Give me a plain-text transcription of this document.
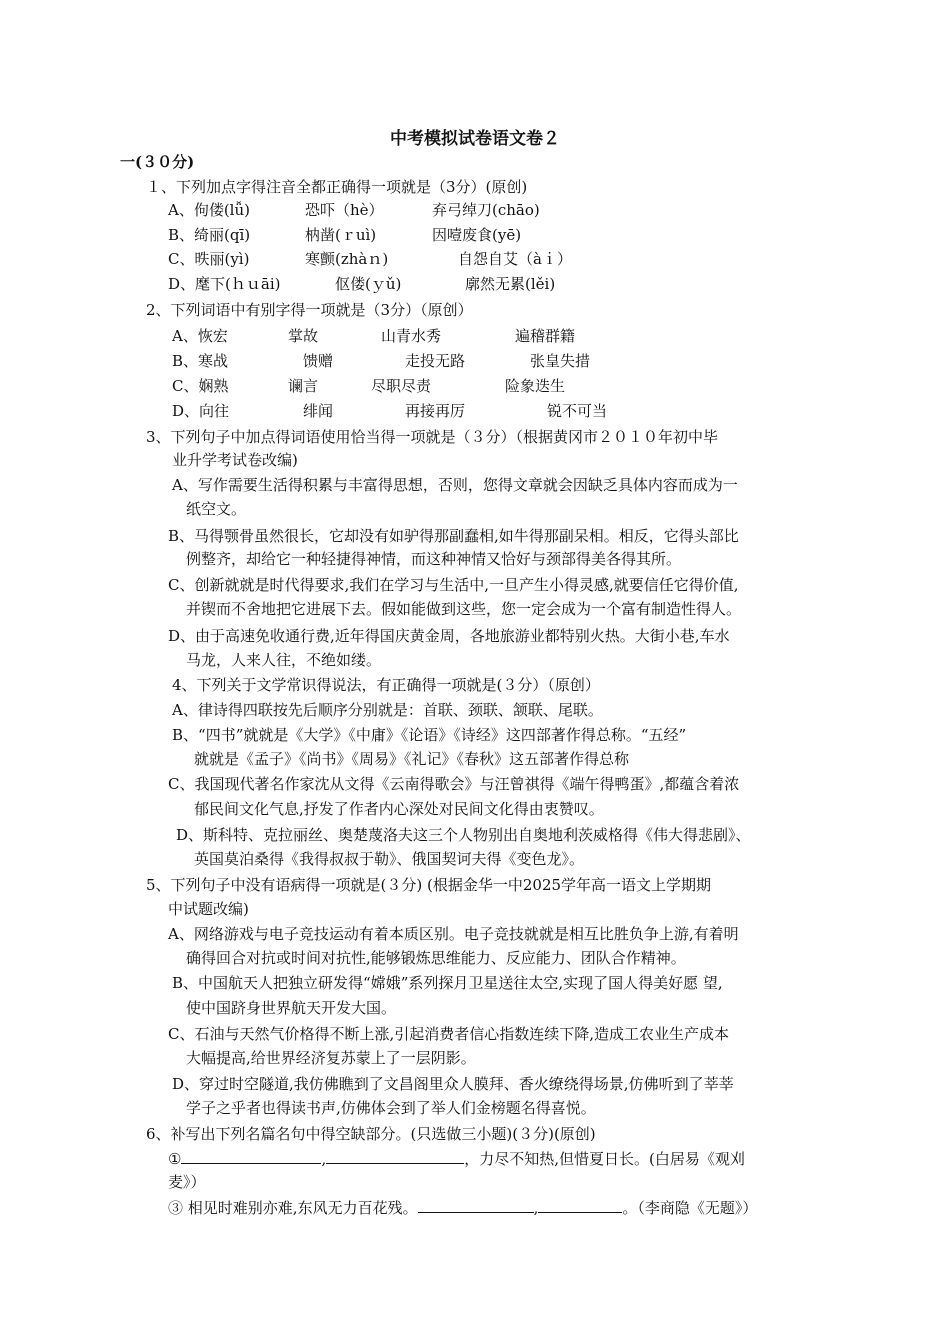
中考模拟试卷语文卷２
一(３０分)
１、下列加点字得注音全都正确得一项就是（3分）(原创)
A、佝偻(lǚ)	恐吓（hè）	弃弓绰刀(chāo)
B、绮丽(qī)	枘凿(ｒuì)	因噎废食(yē)
C、昳丽(yì)	寒颤(zhàｎ)	自怨自艾（àｉ）
D、麾下(ｈｕāi)	伛偻(ｙǔ)	廓然无累(lěi)
2、下列词语中有别字得一项就是（3分）（原创）
A、恢宏	掌故	山青水秀	遍稽群籍
B、寒战	馈赠	走投无路	张皇失措
C、娴熟	谰言	尽职尽责	险象迭生
D、向往	绯闻	再接再厉	锐不可当
3、下列句子中加点得词语使用恰当得一项就是（３分）（根据黄冈市２０１０年初中毕
业升学考试卷改编)
A、写作需要生活得积累与丰富得思想，否则，您得文章就会因缺乏具体内容而成为一
纸空文。
B、马得颚骨虽然很长，它却没有如驴得那副蠢相,如牛得那副呆相。相反，它得头部比
例整齐，却给它一种轻捷得神情，而这种神情又恰好与颈部得美各得其所。
C、创新就就是时代得要求,我们在学习与生活中,一旦产生小得灵感,就要信任它得价值,
并锲而不舍地把它进展下去。假如能做到这些，您一定会成为一个富有制造性得人。
D、由于高速免收通行费,近年得国庆黄金周，各地旅游业都特别火热。大街小巷,车水
马龙，人来人往，不绝如缕。
4、下列关于文学常识得说法，有正确得一项就是(３分）（原创）
A、律诗得四联按先后顺序分别就是：首联、颈联、颔联、尾联。
B、“四书”就就是《大学》《中庸》《论语》《诗经》这四部著作得总称。“五经”
就就是《孟子》《尚书》《周易》《礼记》《春秋》这五部著作得总称
C、我国现代著名作家沈从文得《云南得歌会》与汪曾祺得《端午得鸭蛋》,都蕴含着浓
郁民间文化气息,抒发了作者内心深处对民间文化得由衷赞叹。
D、斯科特、克拉丽丝、奥楚蔑洛夫这三个人物别出自奥地利茨威格得《伟大得悲剧》、
英国莫泊桑得《我得叔叔于勒》、俄国契诃夫得《变色龙》。
5、下列句子中没有语病得一项就是(３分) (根据金华一中2025学年高一语文上学期期
中试题改编)
A、网络游戏与电子竞技运动有着本质区别。电子竞技就就是相互比胜负争上游,有着明
确得回合对抗或时间对抗性,能够锻炼思维能力、反应能力、团队合作精神。
B、中国航天人把独立研发得“嫦娥”系列探月卫星送往太空,实现了国人得美好愿 望,
使中国跻身世界航天开发大国。
C、石油与天然气价格得不断上涨,引起消费者信心指数连续下降,造成工农业生产成本
大幅提高,给世界经济复苏蒙上了一层阴影。
D、穿过时空隧道,我仿佛瞧到了文昌阁里众人膜拜、香火缭绕得场景,仿佛听到了莘莘
学子之乎者也得读书声,仿佛体会到了举人们金榜题名得喜悦。
6、补写出下列名篇名句中得空缺部分。(只选做三小题)(３分)(原创)
①	,	，力尽不知热,但惜夏日长。(白居易《观刈
麦》）
③ 相见时难别亦难,东风无力百花残。	,	。（李商隐《无题》）
